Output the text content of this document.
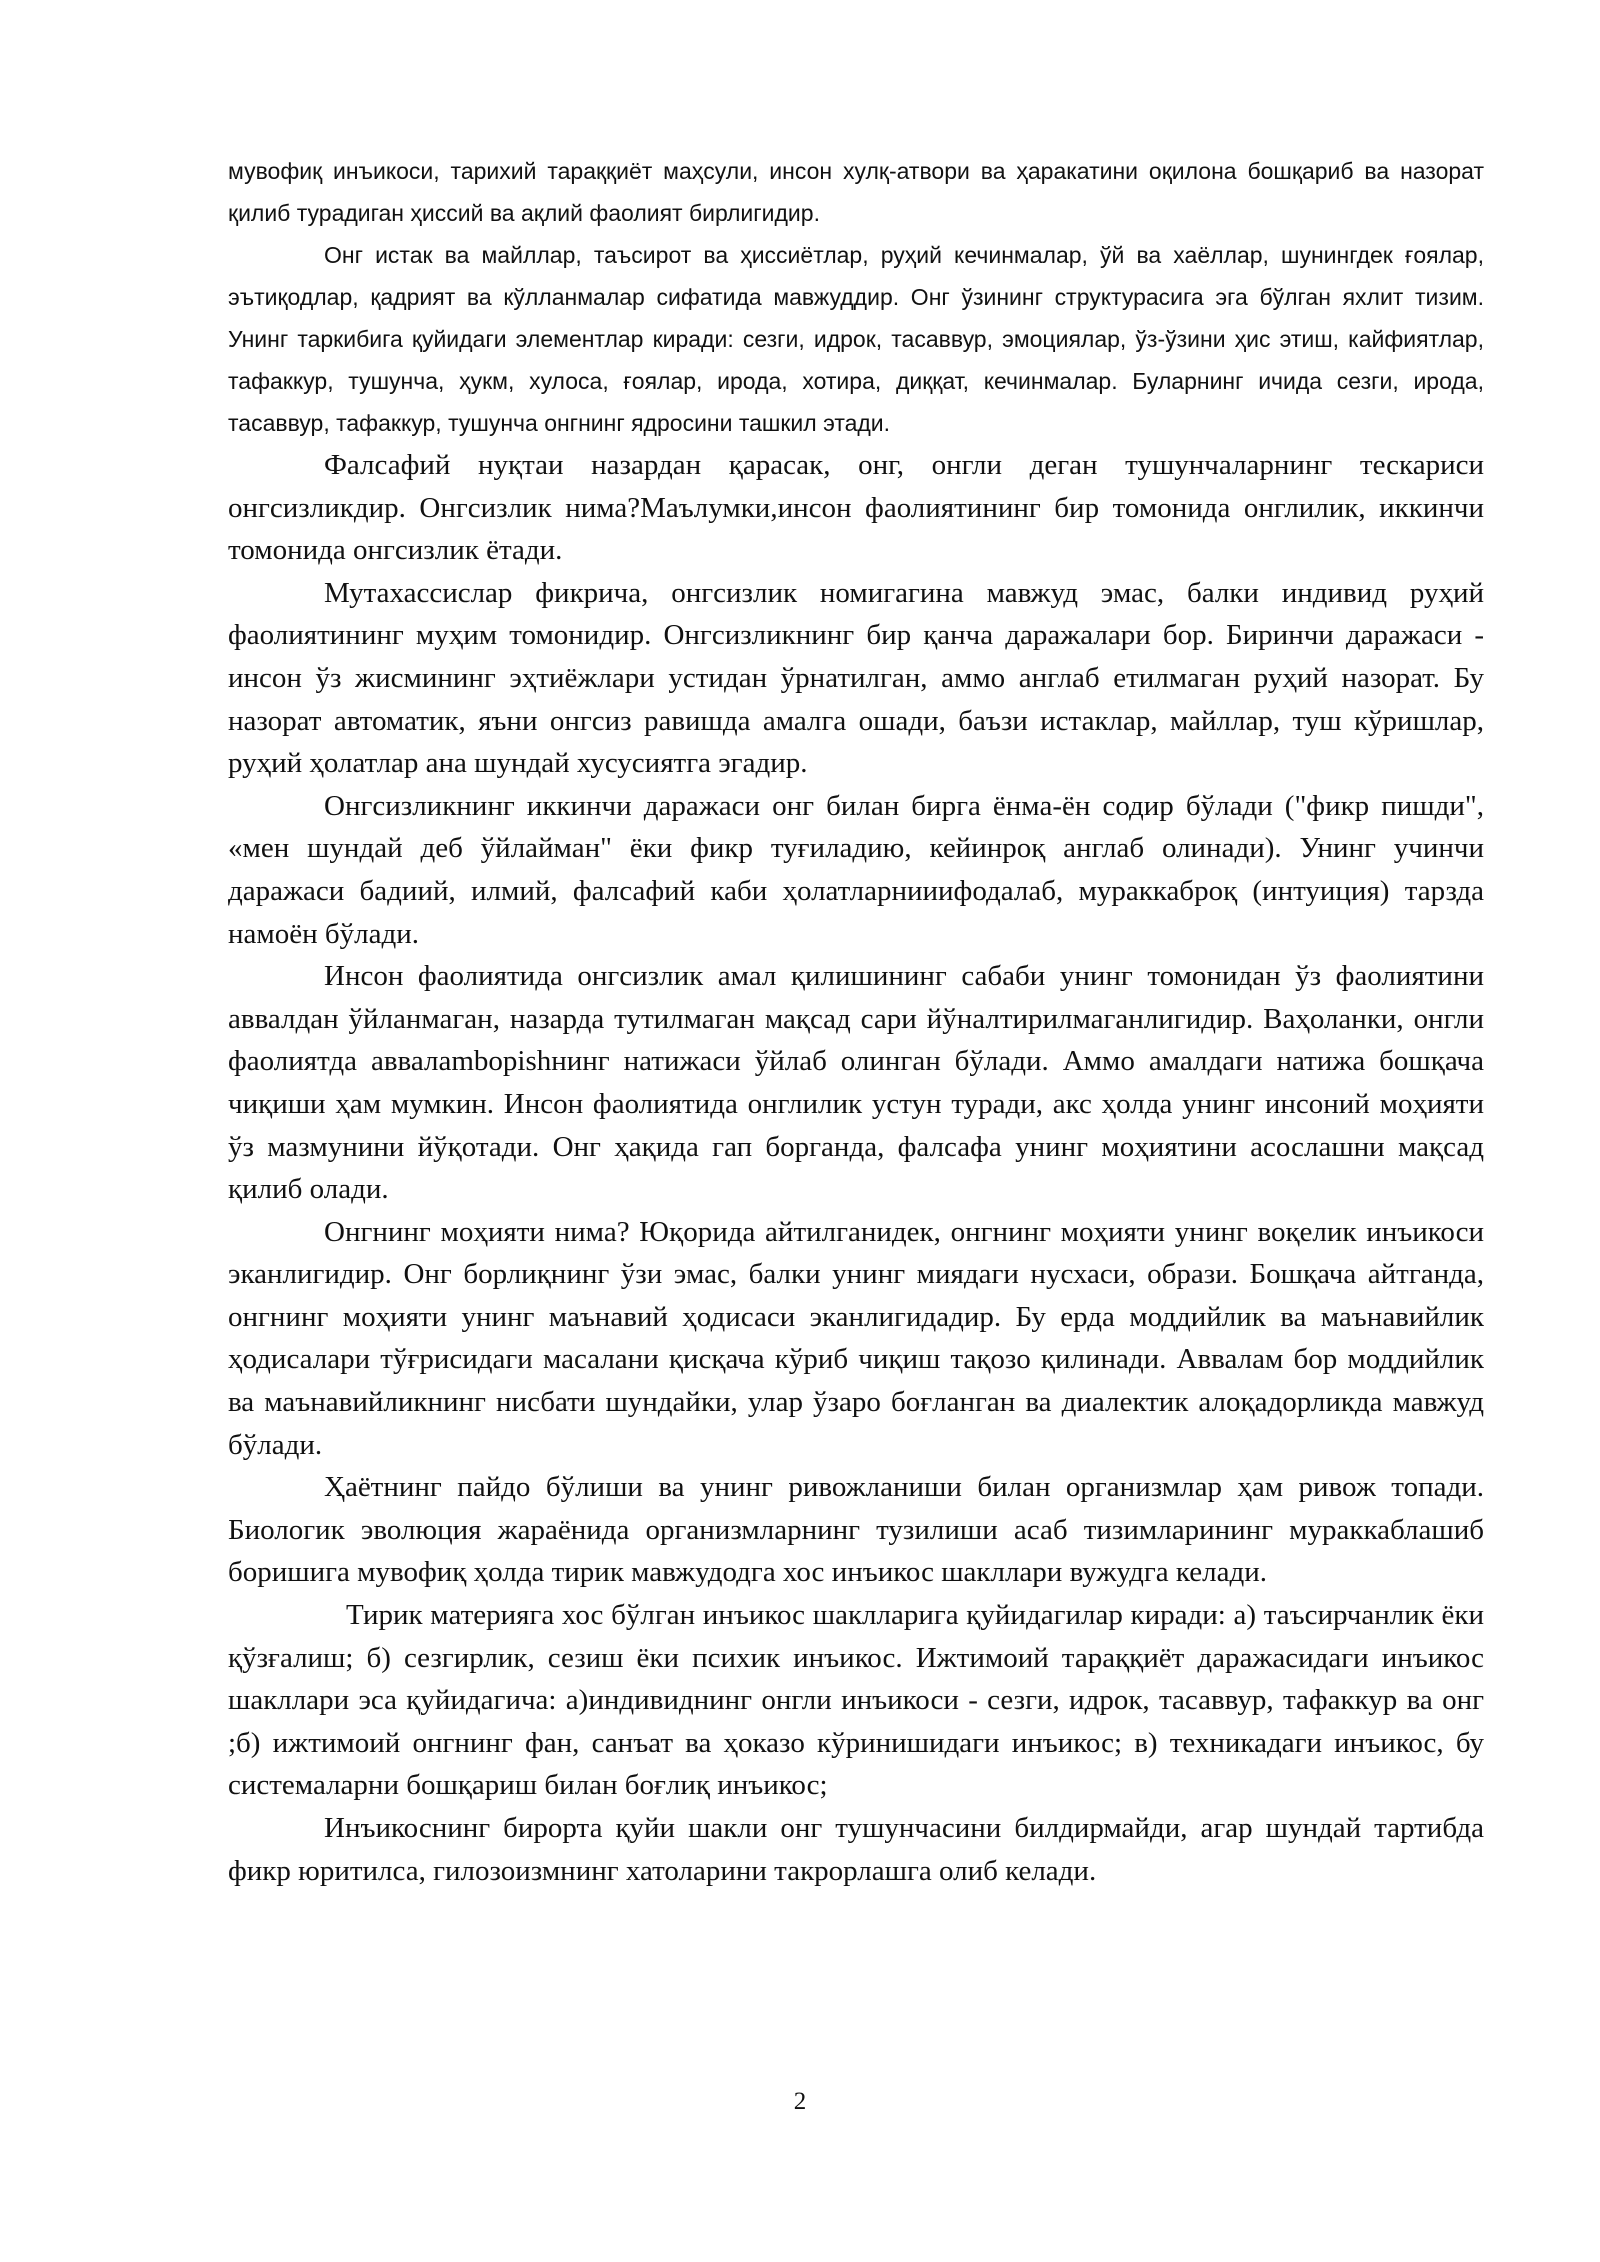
мувофиқ инъикоси, тарихий тараққиёт маҳсули, инсон хулқ-атвори ва ҳаракатини оқилона бошқариб ва назорат қилиб турадиган ҳиссий ва ақлий фаолият бирлигидир.

Онг истак ва майллар, таъсирот ва ҳиссиётлар, руҳий кечинмалар, ўй ва хаёллар, шунингдек ғоялар, эътиқодлар, қадрият ва кўлланмалар сифатида мавжуддир. Онг ўзининг структурасига эга бўлган яхлит тизим. Унинг таркибига қуйидаги элементлар киради: сезги, идрок, тасаввур, эмоциялар, ўз-ўзини ҳис этиш, кайфиятлар, тафаккур, тушунча, ҳукм, хулоса, ғоялар, ирода, хотира, диққат, кечинмалар. Буларнинг ичида сезги, ирода, тасаввур, тафаккур, тушунча онгнинг ядросини ташкил этади.

Фалсафий нуқтаи назардан қарасак, онг, онгли деган тушунчаларнинг тескариси онгсизликдир. Онгсизлик нима?Маълумки,инсон фаолиятининг бир томонида онглилик, иккинчи томонида онгсизлик ётади.

Мутахассислар фикрича, онгсизлик номигагина мавжуд эмас, балки индивид руҳий фаолиятининг муҳим томонидир. Онгсизликнинг бир қанча даражалари бор. Биринчи даражаси - инсон ўз жисмининг эҳтиёжлари устидан ўрнатилган, аммо англаб етилмаган руҳий назорат. Бу назорат автоматик, яъни онгсиз равишда амалга ошади, баъзи истаклар, майллар, туш кўришлар, руҳий ҳолатлар ана шундай хусусиятга эгадир.

Онгсизликнинг иккинчи даражаси онг билан бирга ёнма-ён содир бўлади ("фикр пишди", «мен шундай деб ўйлайман" ёки фикр туғиладию, кейинроқ англаб олинади). Унинг учинчи даражаси бадиий, илмий, фалсафий каби ҳолатларнииифодалаб, мураккаброқ (интуиция) тарзда намоён бўлади.

Инсон фаолиятида онгсизлик амал қилишининг сабаби унинг томонидан ўз фаолиятини аввалдан ўйланмаган, назарда тутилмаган мақсад сари йўналтирилмаганлигидир. Ваҳоланки, онгли фаолиятда аввалamboрishнинг натижаси ўйлаб олинган бўлади. Аммо амалдаги натижа бошқача чиқиши ҳам мумкин. Инсон фаолиятида онглилик устун туради, акс ҳолда унинг инсоний моҳияти ўз мазмунини йўқотади. Онг ҳақида гап борганда, фалсафа унинг моҳиятини асослашни мақсад қилиб олади.

Онгнинг моҳияти нима? Юқорида айтилганидек, онгнинг моҳияти унинг воқелик инъикоси эканлигидир. Онг борлиқнинг ўзи эмас, балки унинг миядаги нусхаси, образи. Бошқача айтганда, онгнинг моҳияти унинг маънавий ҳодисаси эканлигидадир. Бу ерда моддийлик ва маънавийлик ҳодисалари тўғрисидаги масалани қисқача кўриб чиқиш тақозо қилинади. Аввалам бор моддийлик ва маънавийликнинг нисбати шундайки, улар ўзаро боғланган ва диалектик алоқадорликда мавжуд бўлади.

Ҳаётнинг пайдо бўлиши ва унинг ривожланиши билан организмлар ҳам ривож топади. Биологик эволюция жараёнида организмларнинг тузилиши асаб тизимларининг мураккаблашиб боришига мувофиқ ҳолда тирик мавжудодга хос инъикос шакллари вужудга келади.

Тирик материяга хос бўлган инъикос шаклларига қуйидагилар киради: а) таъсирчанлик ёки қўзғалиш; б) сезгирлик, сезиш ёки психик инъикос. Ижтимоий тараққиёт даражасидаги инъикос шакллари эса қуйидагича: а)индивиднинг онгли инъикоси - сезги, идрок, тасаввур, тафаккур ва онг ;б) ижтимоий онгнинг фан, санъат ва ҳоказо кўринишидаги инъикос; в) техникадаги инъикос, бу системаларни бошқариш билан боғлиқ инъикос;

Инъикоснинг бирорта қуйи шакли онг тушунчасини билдирмайди, агар шундай тартибда фикр юритилса, гилозоизмнинг хатоларини такрорлашга олиб келади.

2
